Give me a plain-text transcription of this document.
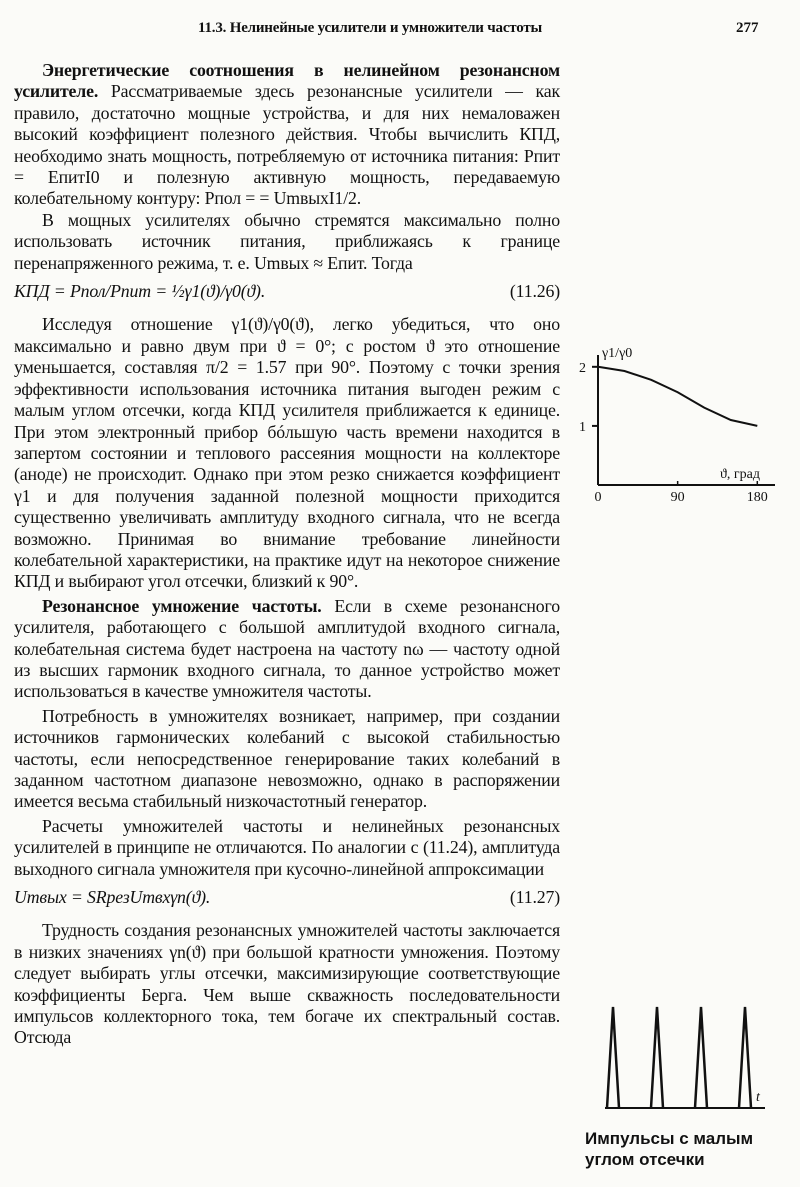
11.3. Нелинейные усилители и умножители частоты	277

Энергетические соотношения в нелинейном резонансном усилителе. Рассматриваемые здесь резонансные усилители — как правило, достаточно мощные устройства, и для них немаловажен высокий коэффициент полезного действия. Чтобы вычислить КПД, необходимо знать мощность, потребляемую от источника питания: Pпит = EпитI0 и полезную активную мощность, передаваемую колебательному контуру: Pпол = = UmвыхI1/2.

В мощных усилителях обычно стремятся максимально полно использовать источник питания, приближаясь к границе перенапряженного режима, т. е. Umвых ≈ Eпит. Тогда

КПД = Pпол/Pпит = ½γ1(ϑ)/γ0(ϑ).	(11.26)

Исследуя отношение γ1(ϑ)/γ0(ϑ), легко убедиться, что оно максимально и равно двум при ϑ = 0°; с ростом ϑ это отношение уменьшается, составляя π/2 = 1.57 при 90°. Поэтому с точки зрения эффективности использования источника питания выгоден режим с малым углом отсечки, когда КПД усилителя приближается к единице. При этом электронный прибор бóльшую часть времени находится в запертом состоянии и теплового рассеяния мощности на коллекторе (аноде) не происходит. Однако при этом резко снижается коэффициент γ1 и для получения заданной полезной мощности приходится существенно увеличивать амплитуду входного сигнала, что не всегда возможно. Принимая во внимание требование линейности колебательной характеристики, на практике идут на некоторое снижение КПД и выбирают угол отсечки, близкий к 90°.

Резонансное умножение частоты. Если в схеме резонансного усилителя, работающего с большой амплитудой входного сигнала, колебательная система будет настроена на частоту nω — частоту одной из высших гармоник входного сигнала, то данное устройство может использоваться в качестве умножителя частоты.

Потребность в умножителях возникает, например, при создании источников гармонических колебаний с высокой стабильностью частоты, если непосредственное генерирование таких колебаний в заданном частотном диапазоне невозможно, однако в распоряжении имеется весьма стабильный низкочастотный генератор.

Расчеты умножителей частоты и нелинейных резонансных усилителей в принципе не отличаются. По аналогии с (11.24), амплитуда выходного сигнала умножителя при кусочно-линейной аппроксимации

Umвых = SRрезUmвхγn(ϑ).	(11.27)

Трудность создания резонансных умножителей частоты заключается в низких значениях γn(ϑ) при большой кратности умножения. Поэтому следует выбирать углы отсечки, максимизирующие соответствующие коэффициенты Берга. Чем выше скважность последовательности импульсов коллекторного тока, тем богаче их спектральный состав. Отсюда

γ1/γ0
ϑ, град
1
2
0	90	180
t
Импульсы с малым углом отсечки
